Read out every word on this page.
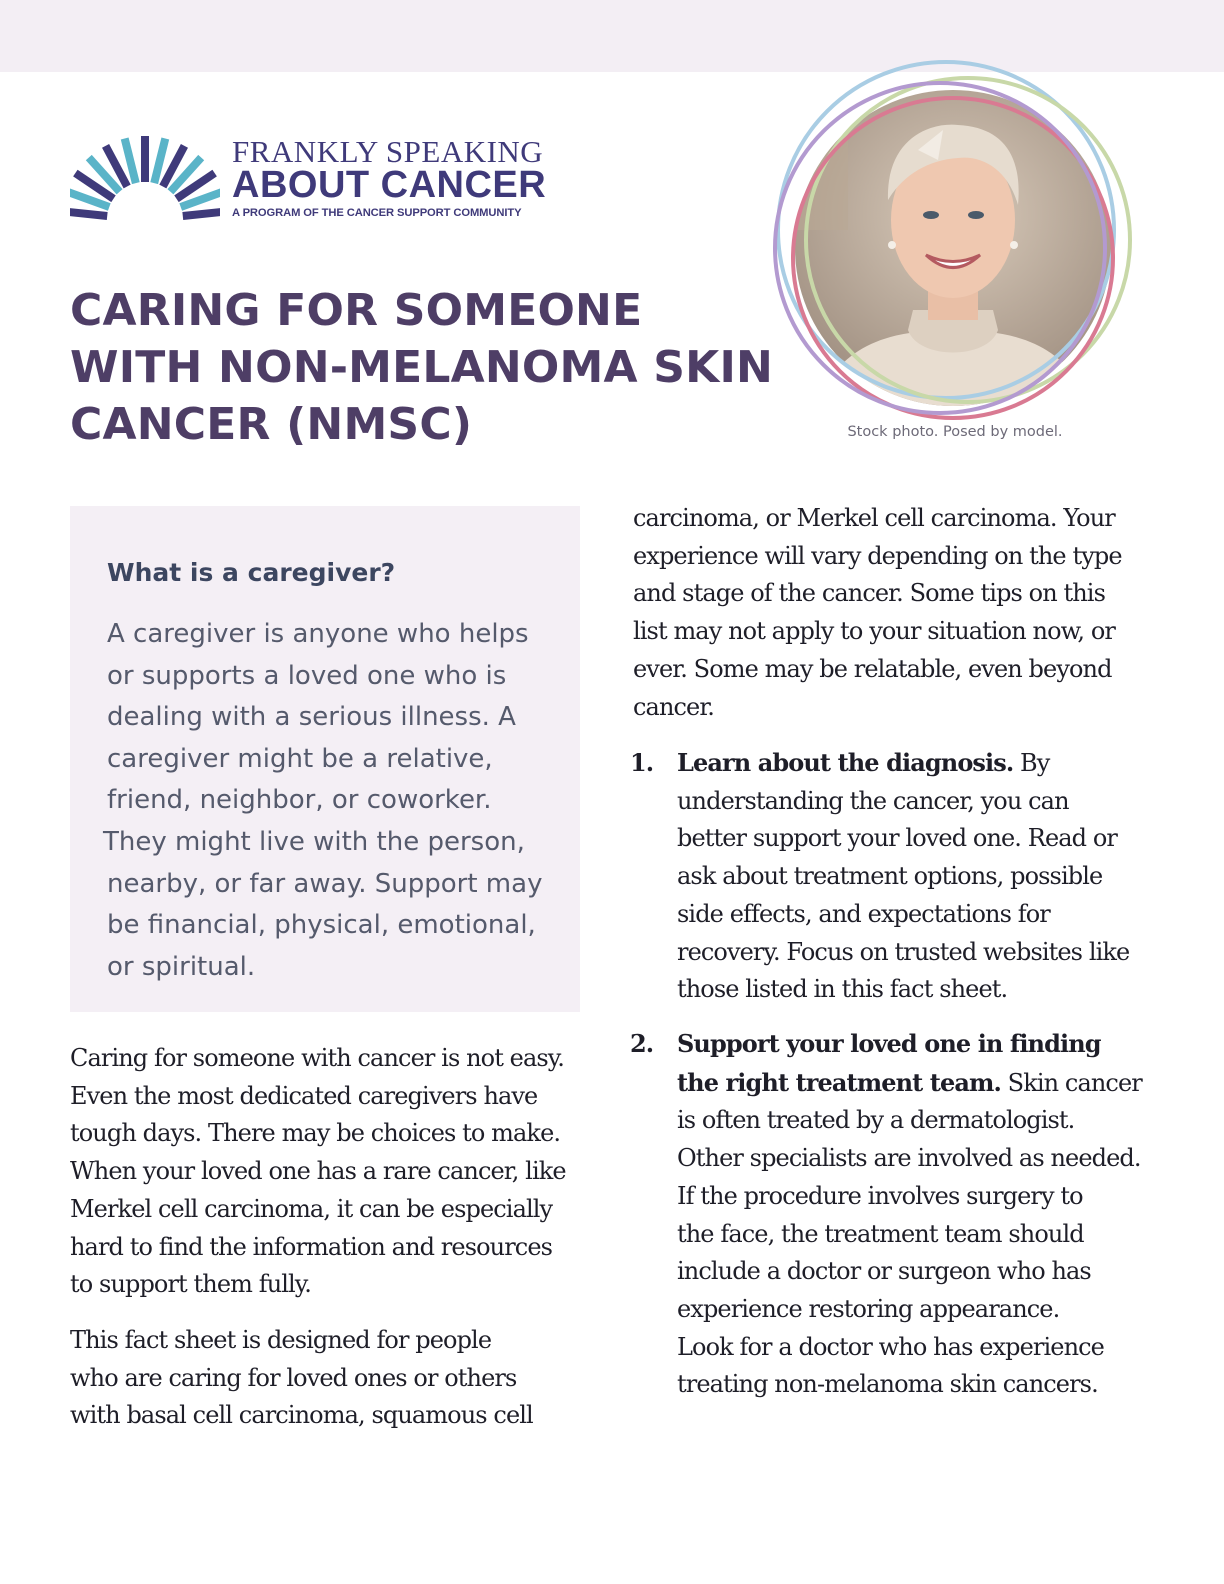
FRANKLY SPEAKING
ABOUT CANCER
A PROGRAM OF THE CANCER SUPPORT COMMUNITY
CARING FOR SOMEONE
WITH NON-MELANOMA SKIN
CANCER (NMSC)	Stock photo. Posed by model.
What is a caregiver?
A caregiver is anyone who helps
or supports a loved one who is
dealing with a serious illness. A
caregiver might be a relative,
friend, neighbor, or coworker.
They might live with the person,
nearby, or far away. Support may
be financial, physical, emotional,
or spiritual.
Caring for someone with cancer is not easy.
Even the most dedicated caregivers have
tough days. There may be choices to make.
When your loved one has a rare cancer, like
Merkel cell carcinoma, it can be especially
hard to find the information and resources
to support them fully.
This fact sheet is designed for people
who are caring for loved ones or others
with basal cell carcinoma, squamous cell
carcinoma, or Merkel cell carcinoma. Your
experience will vary depending on the type
and stage of the cancer. Some tips on this
list may not apply to your situation now, or
ever. Some may be relatable, even beyond
cancer.
1. Learn about the diagnosis. By
understanding the cancer, you can
better support your loved one. Read or
ask about treatment options, possible
side effects, and expectations for
recovery. Focus on trusted websites like
those listed in this fact sheet.
2. Support your loved one in finding
the right treatment team. Skin cancer
is often treated by a dermatologist.
Other specialists are involved as needed.
If the procedure involves surgery to
the face, the treatment team should
include a doctor or surgeon who has
experience restoring appearance.
Look for a doctor who has experience
treating non-melanoma skin cancers.
